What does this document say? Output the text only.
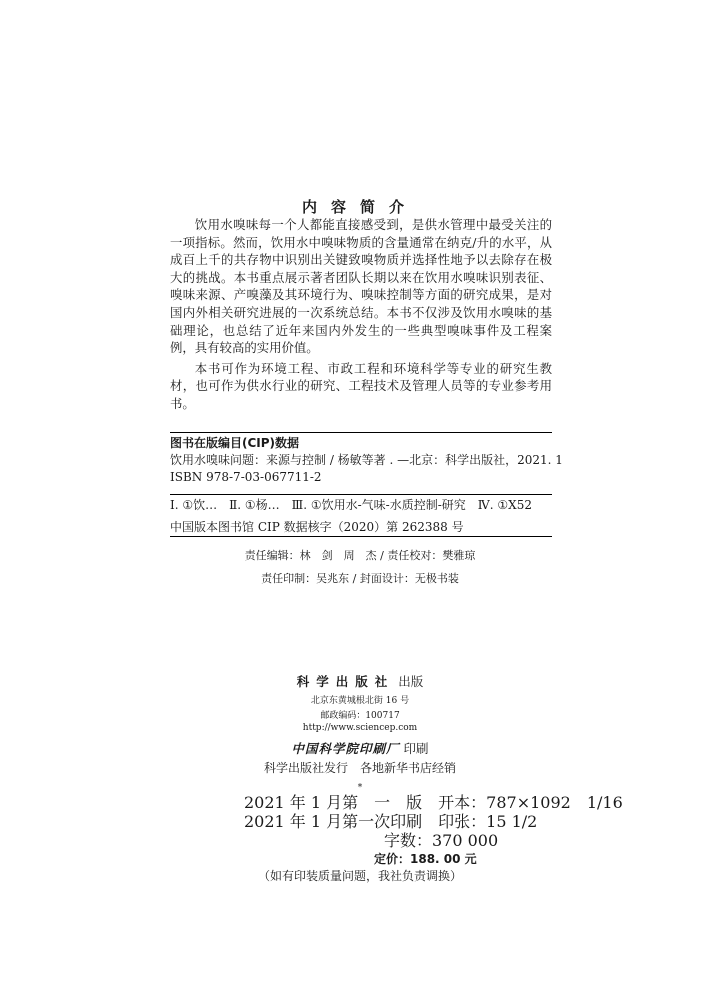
内容简介

饮用水嗅味每一个人都能直接感受到，是供水管理中最受关注的一项指标。然而，饮用水中嗅味物质的含量通常在纳克/升的水平，从成百上千的共存物中识别出关键致嗅物质并选择性地予以去除存在极大的挑战。本书重点展示著者团队长期以来在饮用水嗅味识别表征、嗅味来源、产嗅藻及其环境行为、嗅味控制等方面的研究成果，是对国内外相关研究进展的一次系统总结。本书不仅涉及饮用水嗅味的基础理论，也总结了近年来国内外发生的一些典型嗅味事件及工程案例，具有较高的实用价值。

本书可作为环境工程、市政工程和环境科学等专业的研究生教材，也可作为供水行业的研究、工程技术及管理人员等的专业参考用书。

图书在版编目(CIP)数据
饮用水嗅味问题：来源与控制 / 杨敏等著 . —北京：科学出版社，2021. 1
ISBN 978-7-03-067711-2
Ⅰ. ①饮…　Ⅱ. ①杨…　Ⅲ. ①饮用水-气味-水质控制-研究　Ⅳ. ①X52
中国版本图书馆 CIP 数据核字（2020）第 262388 号
责任编辑：林　剑　周　杰 / 责任校对：樊雅琼
责任印制：吴兆东 / 封面设计：无极书装
科学出版社 出版
北京东黄城根北街 16 号
邮政编码：100717
http://www.sciencep.com
中国科学院印刷厂 印刷
科学出版社发行　各地新华书店经销
*
2021 年 1 月第　一　版　开本：787×1092　1/16
2021 年 1 月第一次印刷　印张：15 1/2
字数：370 000
定价：188. 00 元
（如有印装质量问题，我社负责调换）
